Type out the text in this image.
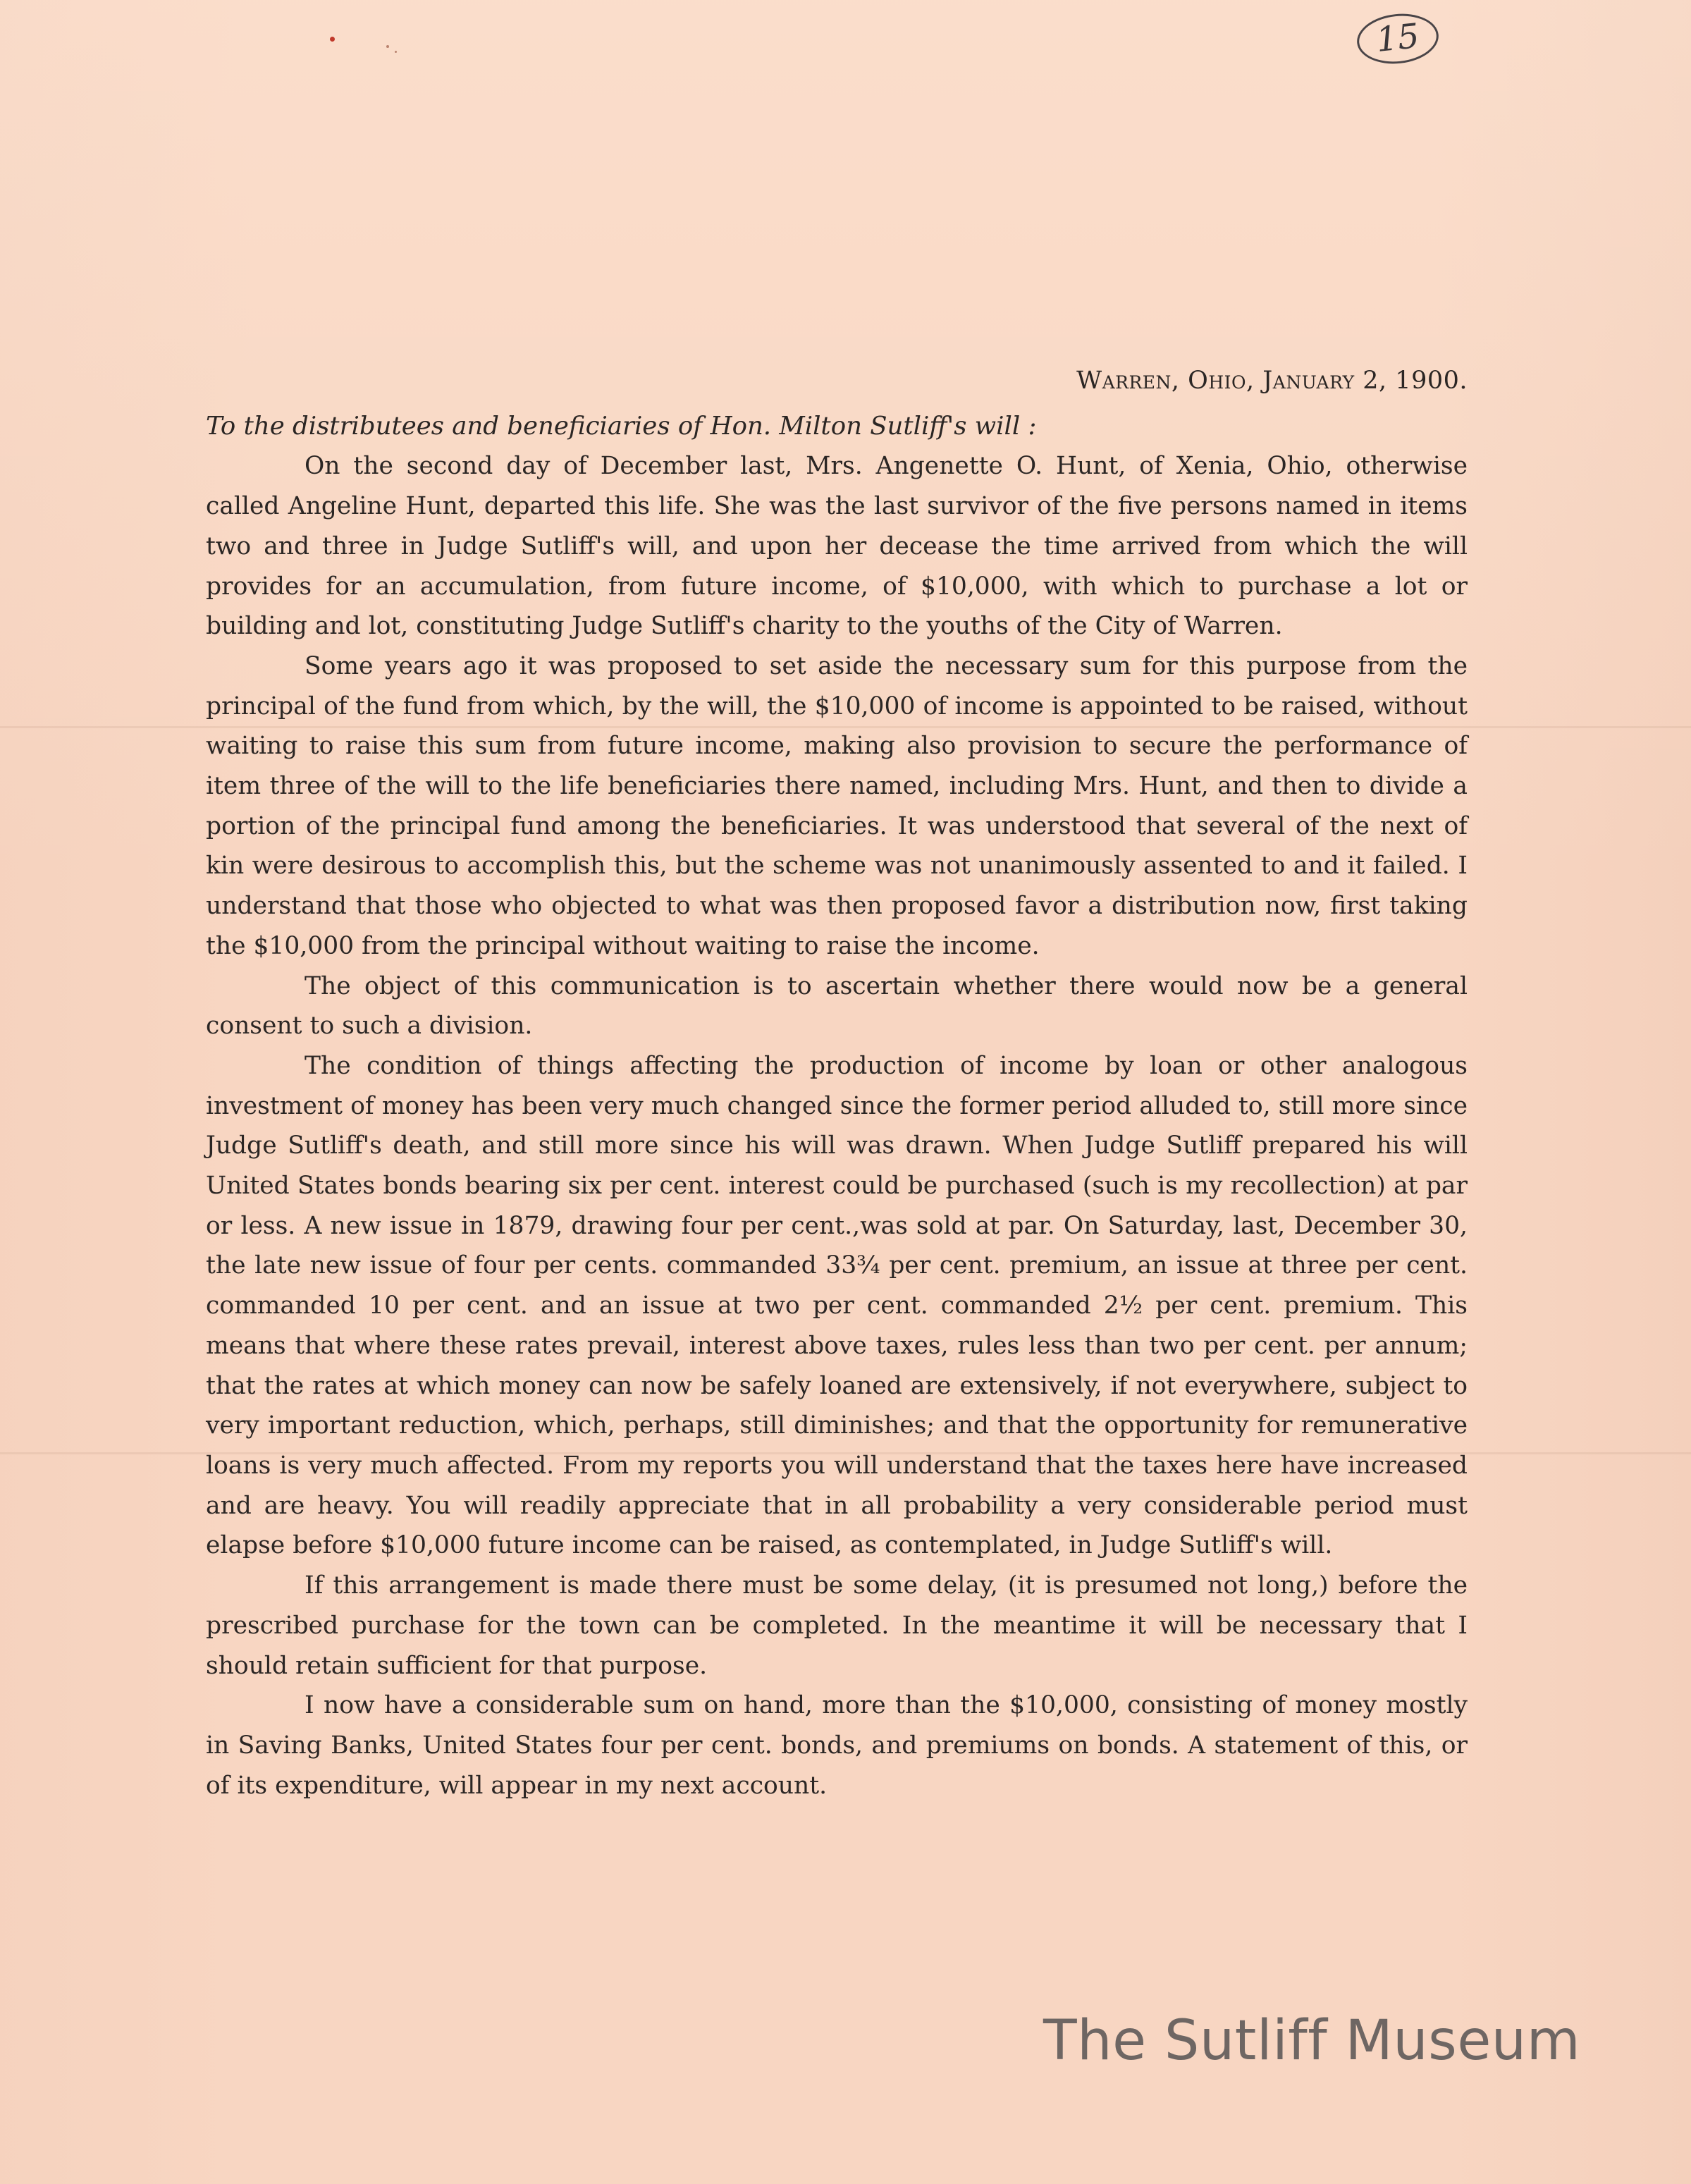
15

Warren, Ohio, January 2, 1900.

To the distributees and beneficiaries of Hon. Milton Sutliff's will :

On the second day of December last, Mrs. Angenette O. Hunt, of Xenia, Ohio, otherwise called Angeline Hunt, departed this life. She was the last survivor of the five persons named in items two and three in Judge Sutliff's will, and upon her decease the time arrived from which the will provides for an accumulation, from future income, of $10,000, with which to purchase a lot or building and lot, constituting Judge Sutliff's charity to the youths of the City of Warren.

Some years ago it was proposed to set aside the necessary sum for this purpose from the principal of the fund from which, by the will, the $10,000 of income is appointed to be raised, without waiting to raise this sum from future income, making also provision to secure the performance of item three of the will to the life beneficiaries there named, including Mrs. Hunt, and then to divide a portion of the principal fund among the beneficiaries. It was understood that several of the next of kin were desirous to accomplish this, but the scheme was not unanimously assented to and it failed. I understand that those who objected to what was then proposed favor a distribution now, first taking the $10,000 from the principal without waiting to raise the income.

The object of this communication is to ascertain whether there would now be a general consent to such a division.

The condition of things affecting the production of income by loan or other analogous investment of money has been very much changed since the former period alluded to, still more since Judge Sutliff's death, and still more since his will was drawn. When Judge Sutliff prepared his will United States bonds bearing six per cent. interest could be purchased (such is my recollection) at par or less. A new issue in 1879, drawing four per cent.,was sold at par. On Saturday, last, December 30, the late new issue of four per cents. commanded 33¾ per cent. premium, an issue at three per cent. commanded 10 per cent. and an issue at two per cent. commanded 2½ per cent. premium. This means that where these rates prevail, interest above taxes, rules less than two per cent. per annum; that the rates at which money can now be safely loaned are extensively, if not everywhere, subject to very important reduction, which, perhaps, still diminishes; and that the opportunity for remunerative loans is very much affected. From my reports you will understand that the taxes here have increased and are heavy. You will readily appreciate that in all probability a very considerable period must elapse before $10,000 future income can be raised, as contemplated, in Judge Sutliff's will.

If this arrangement is made there must be some delay, (it is presumed not long,) before the prescribed purchase for the town can be completed. In the meantime it will be necessary that I should retain sufficient for that purpose.

I now have a considerable sum on hand, more than the $10,000, consisting of money mostly in Saving Banks, United States four per cent. bonds, and premiums on bonds. A statement of this, or of its expenditure, will appear in my next account.

The Sutliff Museum
